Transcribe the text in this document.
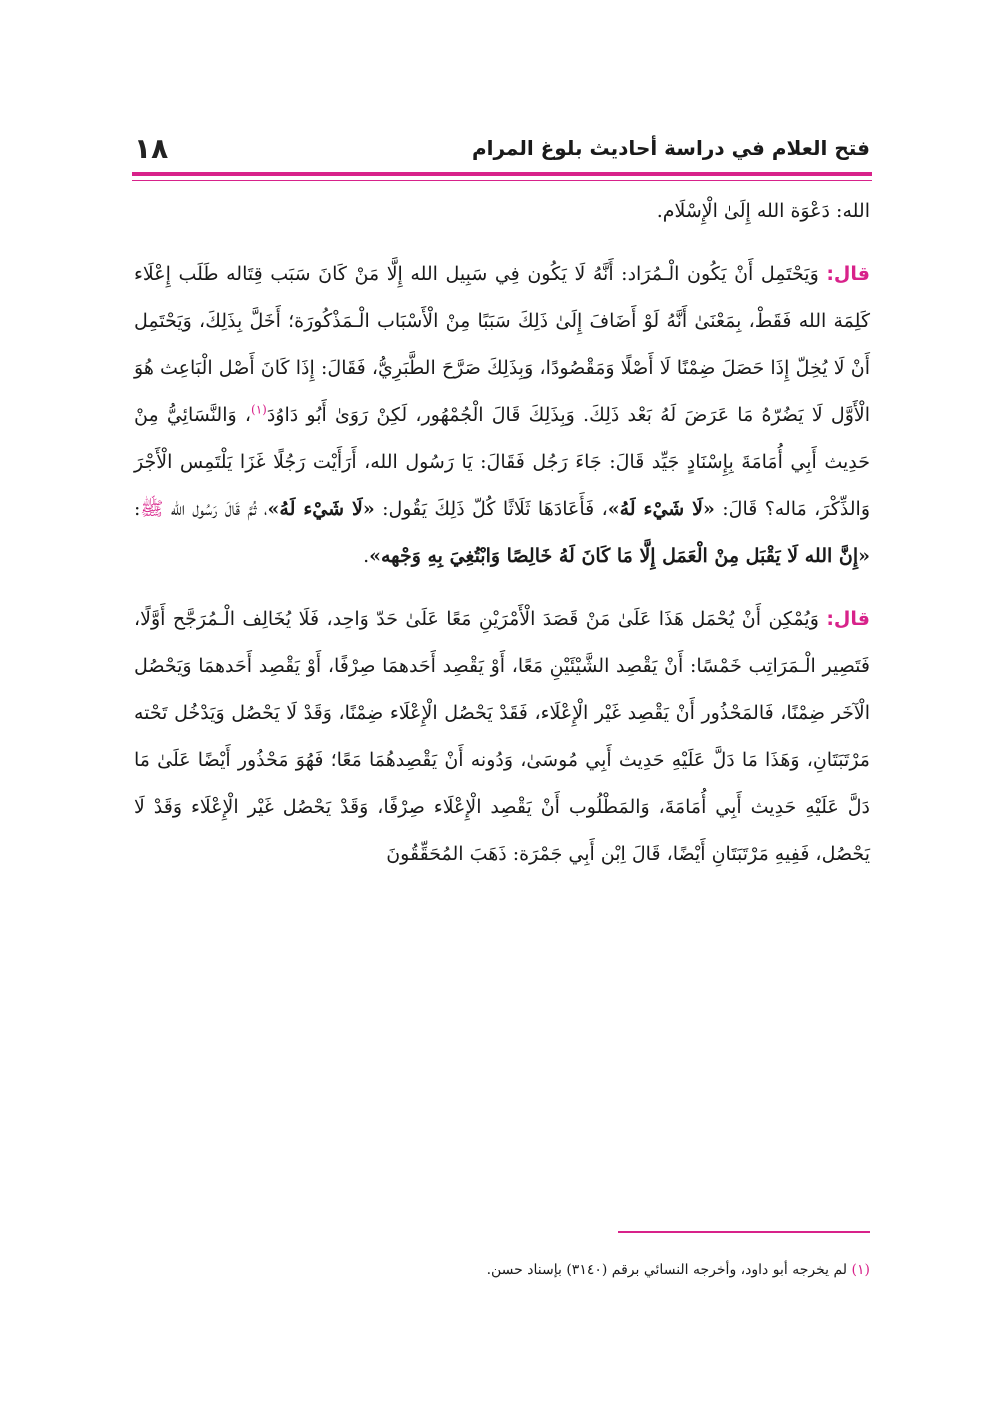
فتح العلام في دراسة أحاديث بلوغ المرام
١٨

الله: دَعْوَة الله إِلَىٰ الْإِسْلَام.

قال: وَيَحْتَمِل أَنْ يَكُون الْـمُرَاد: أَنَّهُ لَا يَكُون فِي سَبِيل الله إِلَّا مَنْ كَانَ سَبَب قِتَاله طَلَب إِعْلَاء كَلِمَة الله فَقَطْ، بِمَعْنَىٰ أَنَّهُ لَوْ أَضَافَ إِلَىٰ ذَلِكَ سَبَبًا مِنْ الْأَسْبَاب الْـمَذْكُورَة؛ أَخَلَّ بِذَلِكَ، وَيَحْتَمِل أَنْ لَا يُخِلّ إِذَا حَصَلَ ضِمْنًا لَا أَصْلًا وَمَقْصُودًا، وَبِذَلِكَ صَرَّحَ الطَّبَرِيُّ، فَقَالَ: إِذَا كَانَ أَصْل الْبَاعِث هُوَ الْأَوَّل لَا يَضُرّهُ مَا عَرَضَ لَهُ بَعْد ذَلِكَ. وَبِذَلِكَ قَالَ الْجُمْهُور، لَكِنْ رَوَىٰ أَبُو دَاوُدَ$^{(١)}$، وَالنَّسَائِيُّ مِنْ حَدِيث أَبِي أُمَامَةَ بِإِسْنَادٍ جَيِّد قَالَ: جَاءَ رَجُل فَقَالَ: يَا رَسُول الله، أَرَأَيْت رَجُلًا غَزَا يَلْتَمِس الْأَجْرَ وَالذِّكْرَ، مَاله؟ قَالَ: «لَا شَيْء لَهُ»، فَأَعَادَهَا ثَلَاثًا كُلّ ذَلِكَ يَقُول: «لَا شَيْء لَهُ»، ثُمَّ قَالَ رَسُول الله ﷺ: «إِنَّ الله لَا يَقْبَل مِنْ الْعَمَل إِلَّا مَا كَانَ لَهُ خَالِصًا وَابْتُغِيَ بِهِ وَجْهه».

قال: وَيُمْكِن أَنْ يُحْمَل هَذَا عَلَىٰ مَنْ قَصَدَ الْأَمْرَيْنِ مَعًا عَلَىٰ حَدّ وَاحِد، فَلَا يُخَالِف الْـمُرَجَّح أَوَّلًا، فَتَصِير الْـمَرَاتِب خَمْسًا: أَنْ يَقْصِد الشَّيْئَيْنِ مَعًا، أَوْ يَقْصِد أَحَدهمَا صِرْفًا، أَوْ يَقْصِد أَحَدهمَا وَيَحْصُل الْآخَر ضِمْنًا، فَالمَحْذُور أَنْ يَقْصِد غَيْر الْإِعْلَاء، فَقَدْ يَحْصُل الْإِعْلَاء ضِمْنًا، وَقَدْ لَا يَحْصُل وَيَدْخُل تَحْته مَرْتَبَتَانِ، وَهَذَا مَا دَلَّ عَلَيْهِ حَدِيث أَبِي مُوسَىٰ، وَدُونه أَنْ يَقْصِدهُمَا مَعًا؛ فَهُوَ مَحْذُور أَيْضًا عَلَىٰ مَا دَلَّ عَلَيْهِ حَدِيث أَبِي أُمَامَةَ، وَالمَطْلُوب أَنْ يَقْصِد الْإِعْلَاء صِرْفًا، وَقَدْ يَحْصُل غَيْر الْإِعْلَاء وَقَدْ لَا يَحْصُل، فَفِيهِ مَرْتَبَتَانِ أَيْضًا، قَالَ اِبْن أَبِي جَمْرَة: ذَهَبَ المُحَقِّقُونَ

(١) لم يخرجه أبو داود، وأخرجه النسائي برقم (٣١٤٠) بإسناد حسن.
